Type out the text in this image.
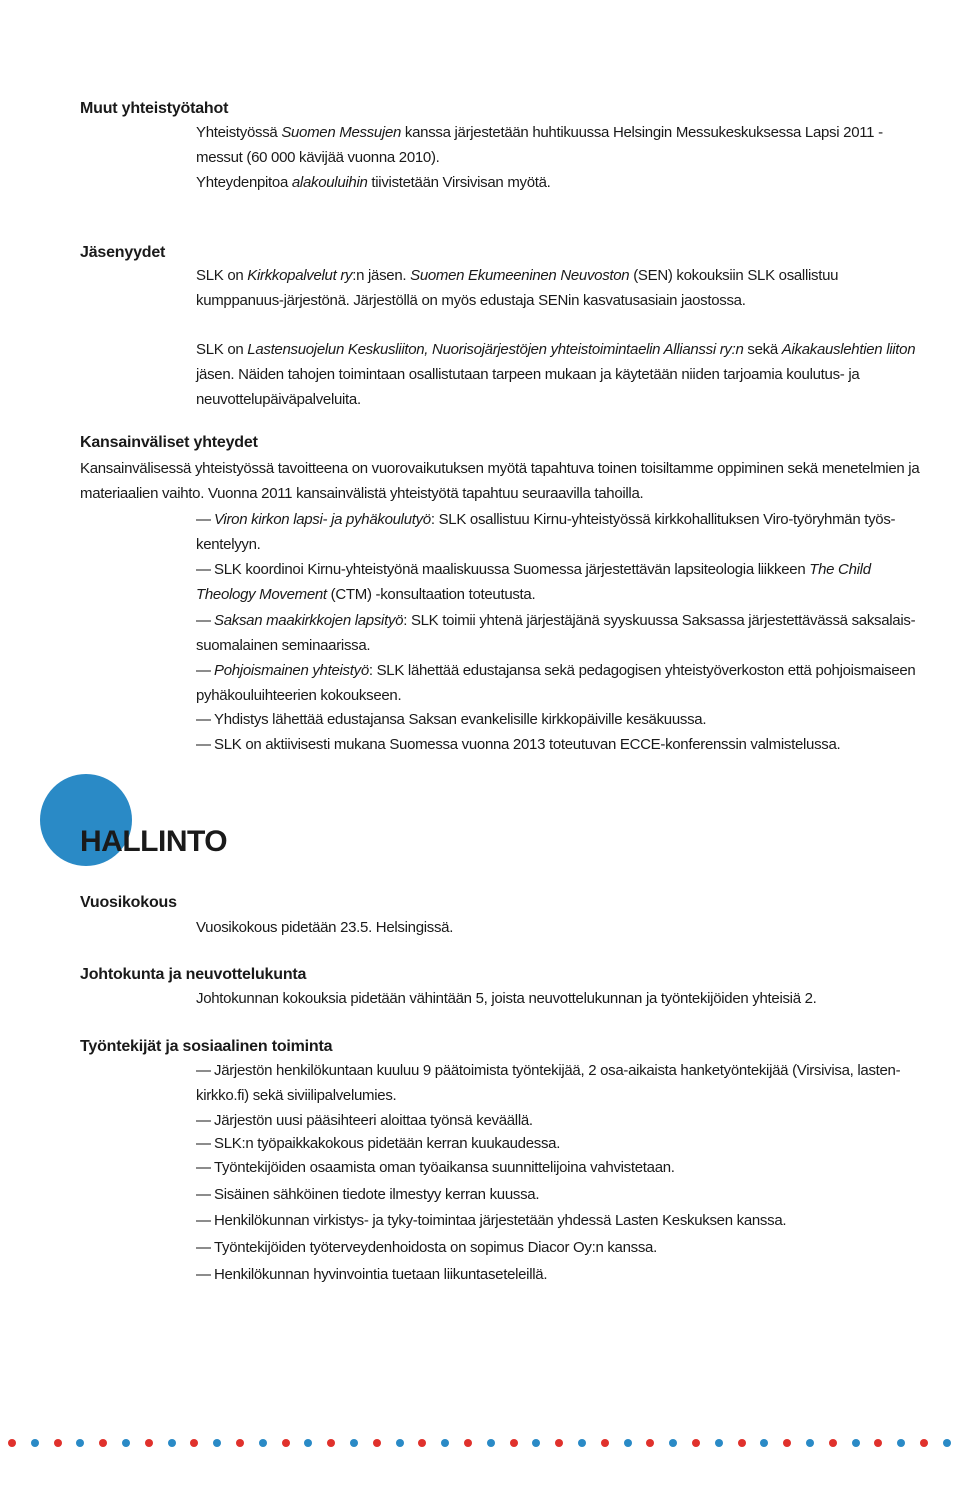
Muut yhteistyötahot

Yhteistyössä Suomen Messujen kanssa järjestetään huhtikuussa Helsingin Messukeskuksessa Lapsi 2011 -messut (60 000 kävijää vuonna 2010).

Yhteydenpitoa alakouluihin tiivistetään Virsivisan myötä.

Jäsenyydet

SLK on Kirkkopalvelut ry:n jäsen. Suomen Ekumeeninen Neuvoston (SEN) kokouksiin SLK osallistuu kumppanuus-järjestönä. Järjestöllä on myös edustaja SENin kasvatusasiain jaostossa.

SLK on Lastensuojelun Keskusliiton, Nuorisojärjestöjen yhteistoimintaelin Allianssi ry:n sekä Aikakauslehtien liiton jäsen. Näiden tahojen toimintaan osallistutaan tarpeen mukaan ja käytetään niiden tarjoamia koulutus- ja neuvottelupäiväpalveluita.

Kansainväliset yhteydet

Kansainvälisessä yhteistyössä tavoitteena on vuorovaikutuksen myötä tapahtuva toinen toisiltamme oppiminen sekä menetelmien ja materiaalien vaihto. Vuonna 2011 kansainvälistä yhteistyötä tapahtuu seuraavilla tahoilla.

— Viron kirkon lapsi- ja pyhäkoulutyö: SLK osallistuu Kirnu-yhteistyössä kirkkohallituksen Viro-työryhmän työs-kentelyyn.

— SLK koordinoi Kirnu-yhteistyönä maaliskuussa Suomessa järjestettävän lapsiteologia liikkeen The Child Theology Movement (CTM) -konsultaation toteutusta.

— Saksan maakirkkojen lapsityö: SLK toimii yhtenä järjestäjänä syyskuussa Saksassa järjestettävässä saksalais-suomalainen seminaarissa.

— Pohjoismainen yhteistyö: SLK lähettää edustajansa sekä pedagogisen yhteistyöverkoston että pohjoismaiseen pyhäkouluihteerien kokoukseen.

— Yhdistys lähettää edustajansa Saksan evankelisille kirkkopäiville kesäkuussa.

— SLK on aktiivisesti mukana Suomessa vuonna 2013 toteutuvan ECCE-konferenssin valmistelussa.

HALLINTO
Vuosikokous

Vuosikokous pidetään 23.5. Helsingissä.

Johtokunta ja neuvottelukunta

Johtokunnan kokouksia pidetään vähintään 5, joista neuvottelukunnan ja työntekijöiden yhteisiä 2.

Työntekijät ja sosiaalinen toiminta

— Järjestön henkilökuntaan kuuluu 9 päätoimista työntekijää, 2 osa-aikaista hanketyöntekijää (Virsivisa, lasten-kirkko.fi) sekä siviilipalvelumies.

— Järjestön uusi pääsihteeri aloittaa työnsä keväällä.

— SLK:n työpaikkakokous pidetään kerran kuukaudessa.

— Työntekijöiden osaamista oman työaikansa suunnittelijoina vahvistetaan.

— Sisäinen sähköinen tiedote ilmestyy kerran kuussa.

— Henkilökunnan virkistys- ja tyky-toimintaa järjestetään yhdessä Lasten Keskuksen kanssa.

— Työntekijöiden työterveydenhoidosta on sopimus Diacor Oy:n kanssa.

— Henkilökunnan hyvinvointia tuetaan liikuntaseteleillä.
